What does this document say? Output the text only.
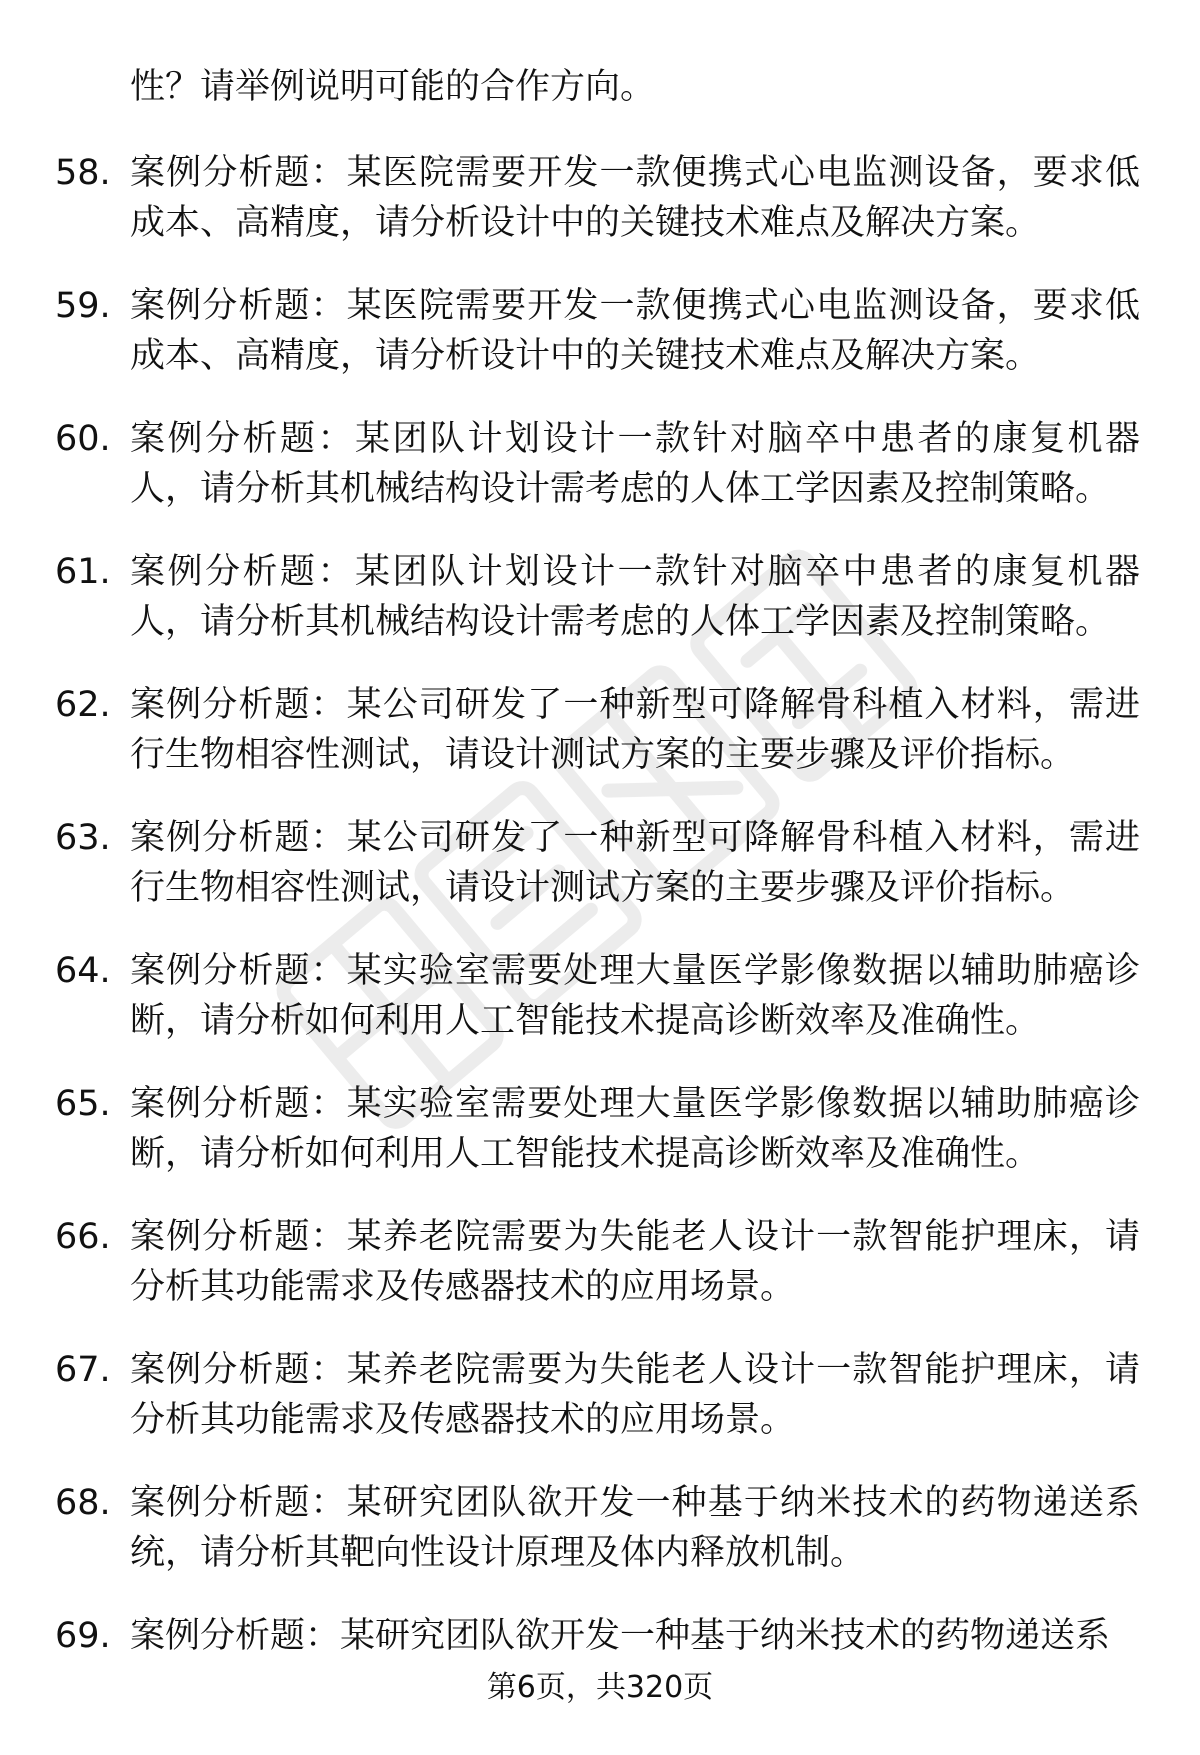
性？请举例说明可能的合作方向。
58. 案例分析题：某医院需要开发一款便携式心电监测设备，要求低成本、高精度，请分析设计中的关键技术难点及解决方案。
59. 案例分析题：某医院需要开发一款便携式心电监测设备，要求低成本、高精度，请分析设计中的关键技术难点及解决方案。
60. 案例分析题：某团队计划设计一款针对脑卒中患者的康复机器人，请分析其机械结构设计需考虑的人体工学因素及控制策略。
61. 案例分析题：某团队计划设计一款针对脑卒中患者的康复机器人，请分析其机械结构设计需考虑的人体工学因素及控制策略。
62. 案例分析题：某公司研发了一种新型可降解骨科植入材料，需进行生物相容性测试，请设计测试方案的主要步骤及评价指标。
63. 案例分析题：某公司研发了一种新型可降解骨科植入材料，需进行生物相容性测试，请设计测试方案的主要步骤及评价指标。
64. 案例分析题：某实验室需要处理大量医学影像数据以辅助肺癌诊断，请分析如何利用人工智能技术提高诊断效率及准确性。
65. 案例分析题：某实验室需要处理大量医学影像数据以辅助肺癌诊断，请分析如何利用人工智能技术提高诊断效率及准确性。
66. 案例分析题：某养老院需要为失能老人设计一款智能护理床，请分析其功能需求及传感器技术的应用场景。
67. 案例分析题：某养老院需要为失能老人设计一款智能护理床，请分析其功能需求及传感器技术的应用场景。
68. 案例分析题：某研究团队欲开发一种基于纳米技术的药物递送系统，请分析其靶向性设计原理及体内释放机制。
69. 案例分析题：某研究团队欲开发一种基于纳米技术的药物递送系
第6页，共320页
